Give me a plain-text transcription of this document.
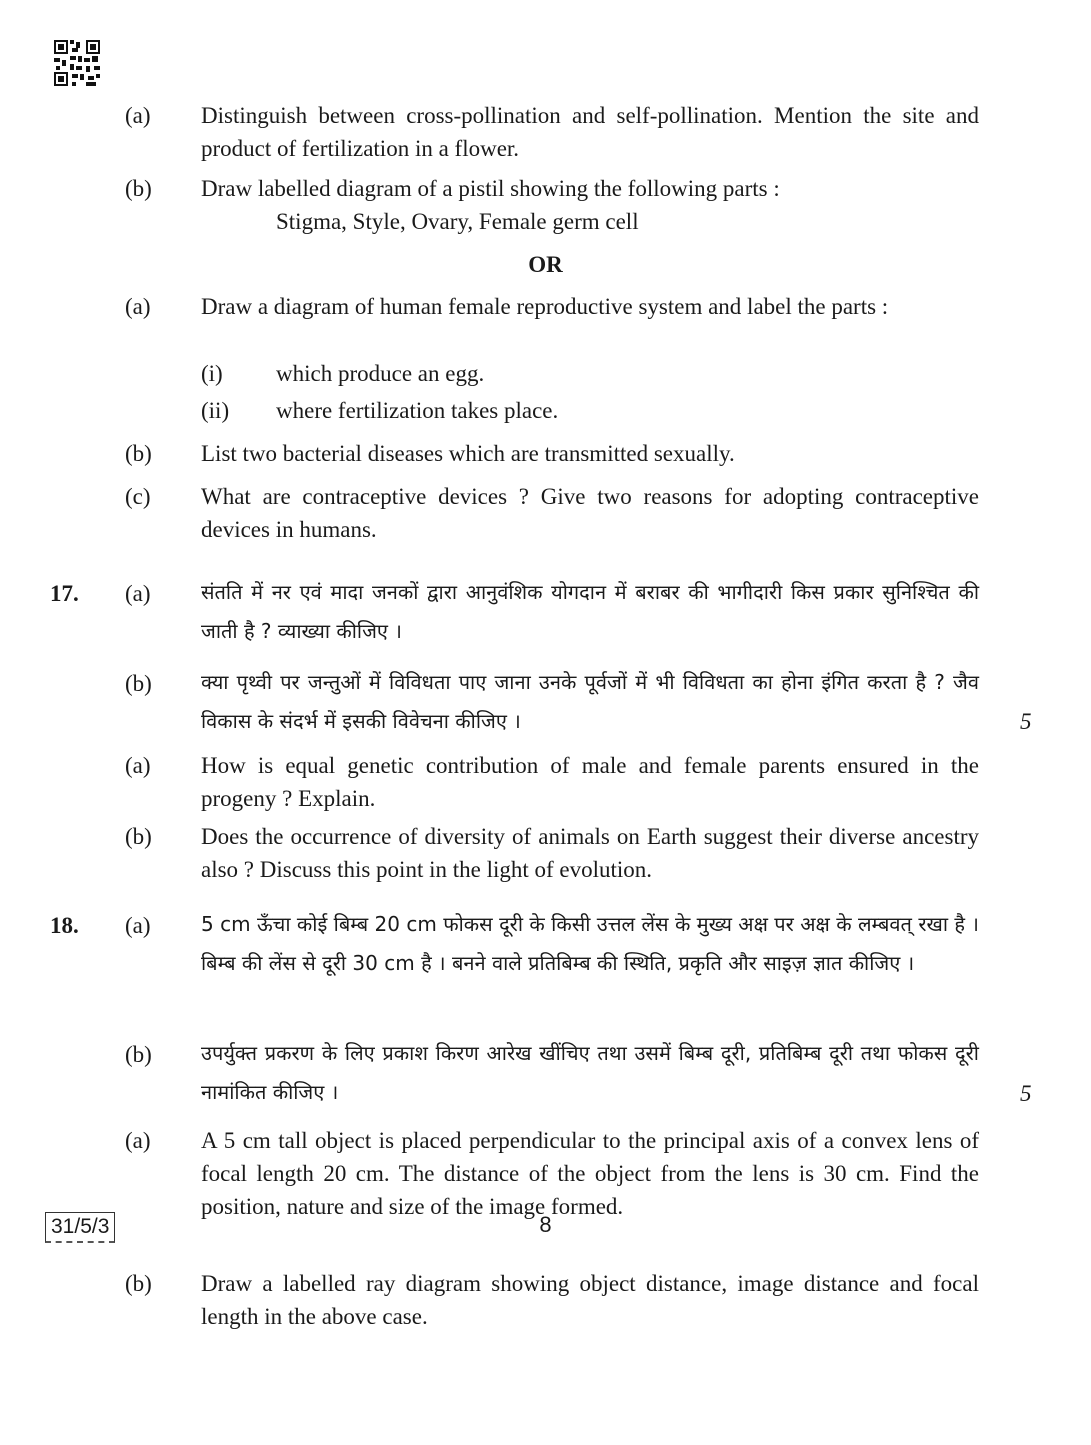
(a)	Distinguish between cross-pollination and self-pollination. Mention the site and product of fertilization in a flower.
(b)	Draw labelled diagram of a pistil showing the following parts :
Stigma, Style, Ovary, Female germ cell
OR
(a)	Draw a diagram of human female reproductive system and label the parts :
(i)	which produce an egg.
(ii)	where fertilization takes place.
(b)	List two bacterial diseases which are transmitted sexually.
(c)	What are contraceptive devices ? Give two reasons for adopting contraceptive devices in humans.
17.	(a)	संतति में नर एवं मादा जनकों द्वारा आनुवंशिक योगदान में बराबर की भागीदारी किस प्रकार सुनिश्चित की जाती है ? व्याख्या कीजिए ।
(b)	क्या पृथ्वी पर जन्तुओं में विविधता पाए जाना उनके पूर्वजों में भी विविधता का होना इंगित करता है ? जैव विकास के संदर्भ में इसकी विवेचना कीजिए ।	5
(a)	How is equal genetic contribution of male and female parents ensured in the progeny ? Explain.
(b)	Does the occurrence of diversity of animals on Earth suggest their diverse ancestry also ? Discuss this point in the light of evolution.
18.	(a)	5 cm ऊँचा कोई बिम्ब 20 cm फोकस दूरी के किसी उत्तल लेंस के मुख्य अक्ष पर अक्ष के लम्बवत् रखा है । बिम्ब की लेंस से दूरी 30 cm है । बनने वाले प्रतिबिम्ब की स्थिति, प्रकृति और साइज़ ज्ञात कीजिए ।
(b)	उपर्युक्त प्रकरण के लिए प्रकाश किरण आरेख खींचिए तथा उसमें बिम्ब दूरी, प्रतिबिम्ब दूरी तथा फोकस दूरी नामांकित कीजिए ।	5
(a)	A 5 cm tall object is placed perpendicular to the principal axis of a convex lens of focal length 20 cm. The distance of the object from the lens is 30 cm. Find the position, nature and size of the image formed.
(b)	Draw a labelled ray diagram showing object distance, image distance and focal length in the above case.
31/5/3	8
